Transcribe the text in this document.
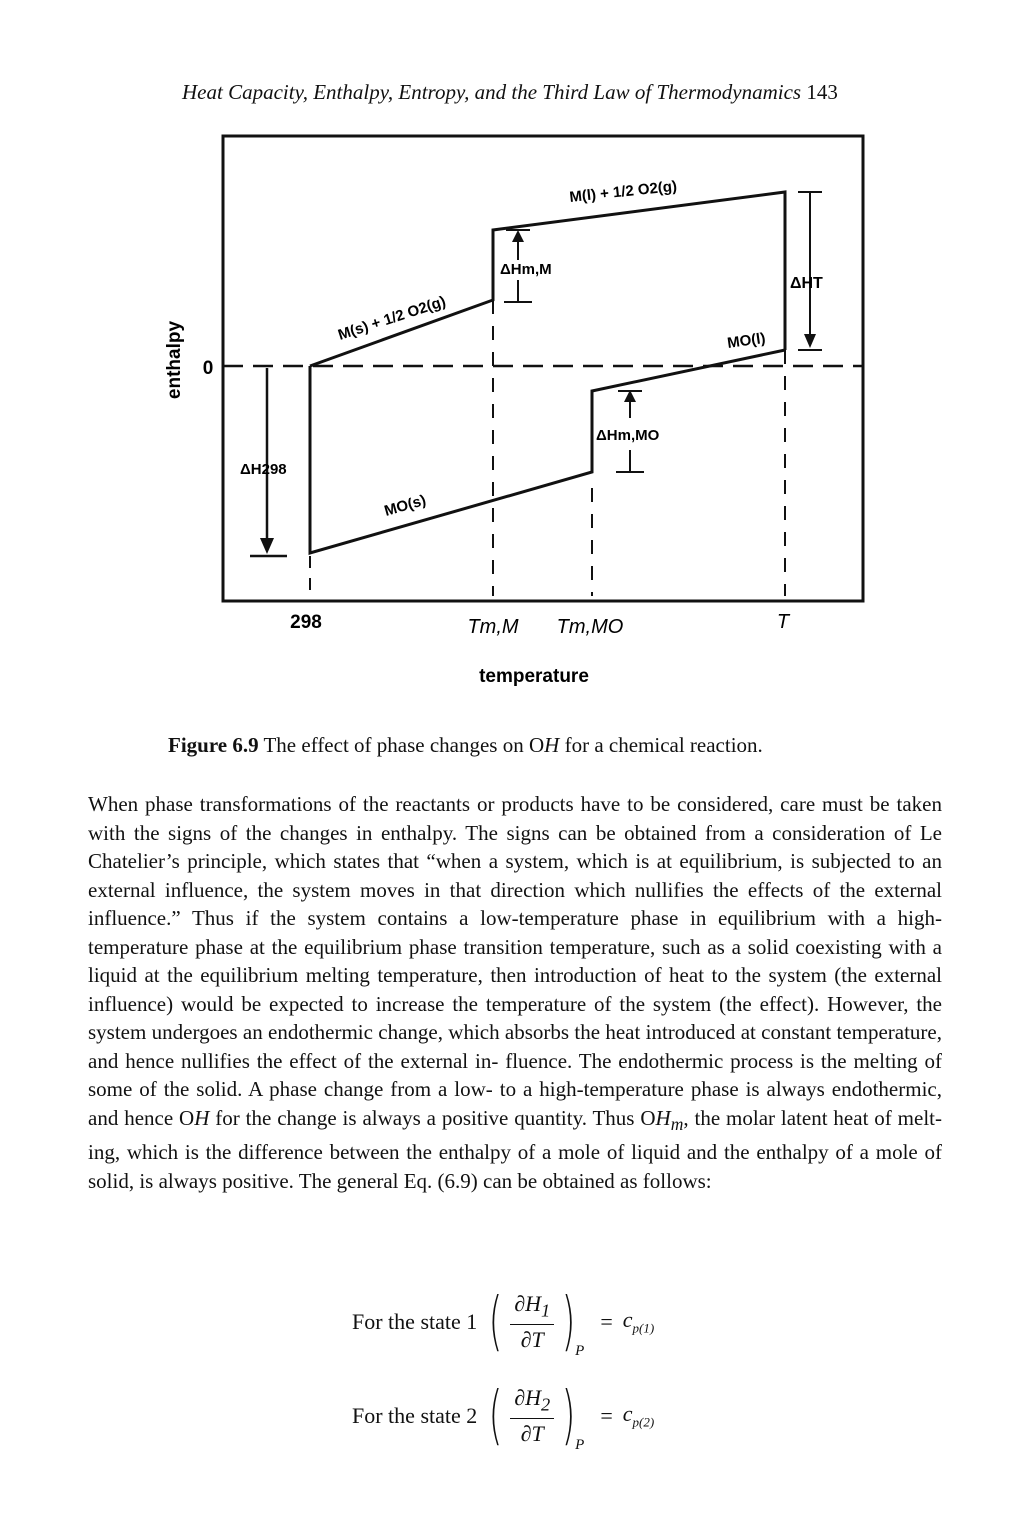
Heat Capacity, Enthalpy, Entropy, and the Third Law of Thermodynamics 143
enthalpy 0
temperature
298	Tm,M Tm,MO	T
M(s) + 1/2 O2(g)
M(l) + 1/2 O2(g)
MO(s)
MO(l)
ΔH298
ΔHm,M
ΔHm,MO
ΔHT
Figure 6.9 The effect of phase changes on OH for a chemical reaction.
When phase transformations of the reactants or products have to be considered, care must be taken with the signs of the changes in enthalpy. The signs can be obtained from a consideration of Le Chatelier’s principle, which states that “when a system, which is at equilibrium, is subjected to an external influence, the system moves in that direction which nullifies the effects of the external influence.” Thus if the system contains a low-temperature phase in equilibrium with a high-temperature phase at the equilibrium phase transition temperature, such as a solid coexisting with a liquid at the equilibrium melting temperature, then introduction of heat to the system (the external influence) would be expected to increase the temperature of the system (the effect). However, the system undergoes an endothermic change, which absorbs the heat introduced at constant temperature, and hence nullifies the effect of the external in- fluence. The endothermic process is the melting of some of the solid. A phase change from a low- to a high-temperature phase is always endothermic, and hence OH for the change is always a positive quantity. Thus $OH_m$, the molar latent heat of melt- ing, which is the difference between the enthalpy of a mole of liquid and the enthalpy of a mole of solid, is always positive. The general Eq. (6.9) can be obtained as follows:
For the state 1 ( $\frac{\partial H_1}{\partial T}$ ) P
= $c_{p(1)}$
For the state 2 ( $\frac{\partial H_2}{\partial T}$ ) P
= $c_{p(2)}$
